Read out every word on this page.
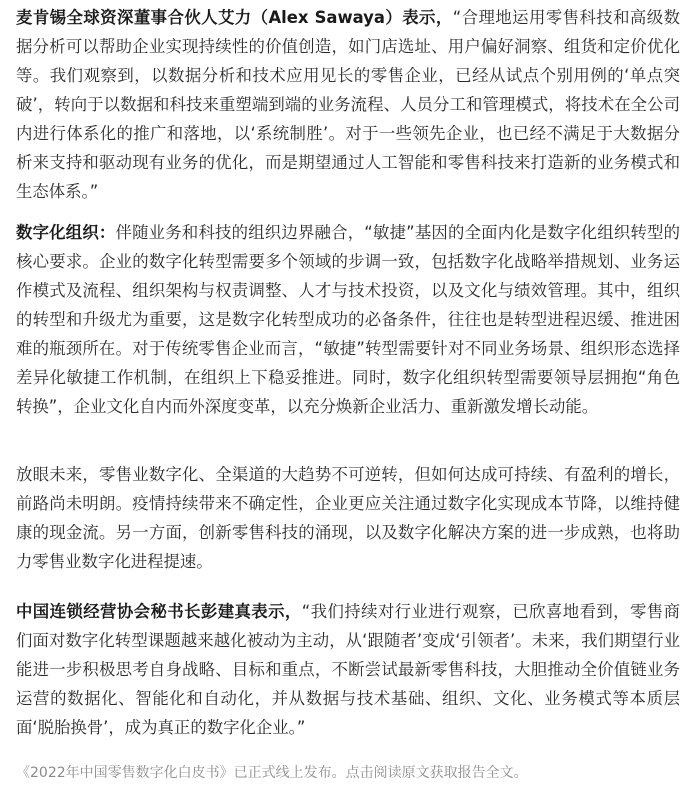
麦肯锡全球资深董事合伙人艾力（Alex Sawaya）表示，“合理地运用零售科技和高级数据分析可以帮助企业实现持续性的价值创造，如门店选址、用户偏好洞察、组货和定价优化等。我们观察到，以数据分析和技术应用见长的零售企业，已经从试点个别用例的‘单点突破’，转向于以数据和科技来重塑端到端的业务流程、人员分工和管理模式，将技术在全公司内进行体系化的推广和落地，以‘系统制胜’。对于一些领先企业，也已经不满足于大数据分析来支持和驱动现有业务的优化，而是期望通过人工智能和零售科技来打造新的业务模式和生态体系。”

数字化组织：伴随业务和科技的组织边界融合，“敏捷”基因的全面内化是数字化组织转型的核心要求。企业的数字化转型需要多个领域的步调一致，包括数字化战略举措规划、业务运作模式及流程、组织架构与权责调整、人才与技术投资，以及文化与绩效管理。其中，组织的转型和升级尤为重要，这是数字化转型成功的必备条件，往往也是转型进程迟缓、推进困难的瓶颈所在。对于传统零售企业而言，“敏捷”转型需要针对不同业务场景、组织形态选择差异化敏捷工作机制，在组织上下稳妥推进。同时，数字化组织转型需要领导层拥抱“角色转换”，企业文化自内而外深度变革，以充分焕新企业活力、重新激发增长动能。

放眼未来，零售业数字化、全渠道的大趋势不可逆转，但如何达成可持续、有盈利的增长，前路尚未明朗。疫情持续带来不确定性，企业更应关注通过数字化实现成本节降，以维持健康的现金流。另一方面，创新零售科技的涌现，以及数字化解决方案的进一步成熟，也将助力零售业数字化进程提速。

中国连锁经营协会秘书长彭建真表示，“我们持续对行业进行观察，已欣喜地看到，零售商们面对数字化转型课题越来越化被动为主动，从‘跟随者’变成‘引领者’。未来，我们期望行业能进一步积极思考自身战略、目标和重点，不断尝试最新零售科技，大胆推动全价值链业务运营的数据化、智能化和自动化，并从数据与技术基础、组织、文化、业务模式等本质层面‘脱胎换骨’，成为真正的数字化企业。”

《2022年中国零售数字化白皮书》已正式线上发布。点击阅读原文获取报告全文。
